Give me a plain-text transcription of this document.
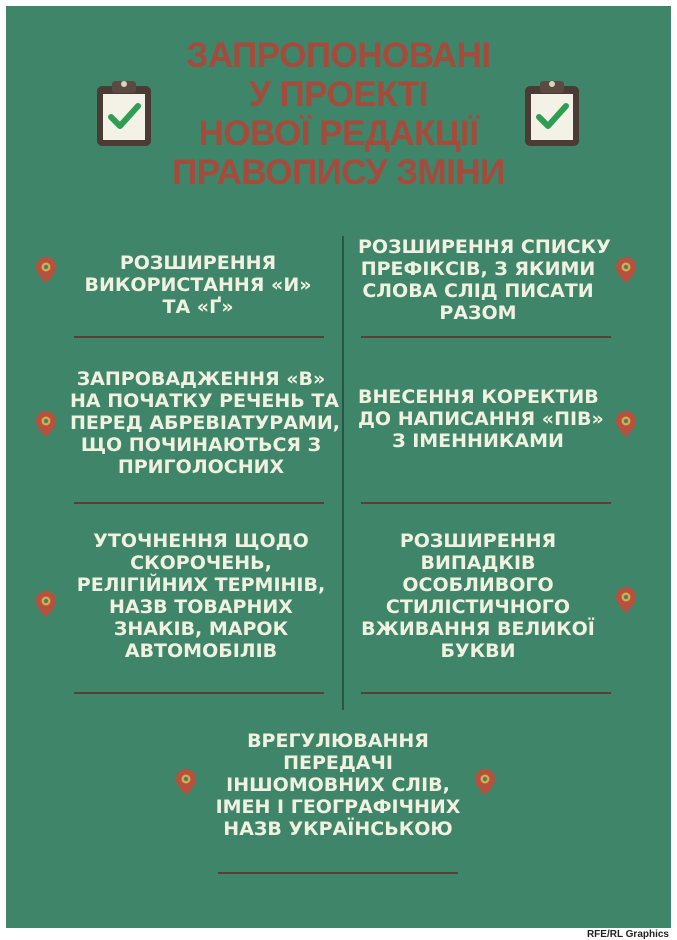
ЗАПРОПОНОВАНІ
У ПРОЕКТІ
НОВОЇ РЕДАКЦІЇ
ПРАВОПИСУ ЗМІНИ
РОЗШИРЕННЯ
ВИКОРИСТАННЯ «И»
ТА «Ґ»
РОЗШИРЕННЯ СПИСКУ
ПРЕФІКСІВ, З ЯКИМИ
СЛОВА СЛІД ПИСАТИ
РАЗОМ
ЗАПРОВАДЖЕННЯ «В»
НА ПОЧАТКУ РЕЧЕНЬ ТА
ПЕРЕД АБРЕВІАТУРАМИ,
ЩО ПОЧИНАЮТЬСЯ З
ПРИГОЛОСНИХ
ВНЕСЕННЯ КОРЕКТИВ
ДО НАПИСАННЯ «ПІВ»
З ІМЕННИКАМИ
УТОЧНЕННЯ ЩОДО
СКОРОЧЕНЬ,
РЕЛІГІЙНИХ ТЕРМІНІВ,
НАЗВ ТОВАРНИХ
ЗНАКІВ, МАРОК
АВТОМОБІЛІВ
РОЗШИРЕННЯ
ВИПАДКІВ
ОСОБЛИВОГО
СТИЛІСТИЧНОГО
ВЖИВАННЯ ВЕЛИКОЇ
БУКВИ
ВРЕГУЛЮВАННЯ
ПЕРЕДАЧІ
ІНШОМОВНИХ СЛІВ,
ІМЕН І ГЕОГРАФІЧНИХ
НАЗВ УКРАЇНСЬКОЮ
RFE/RL Graphics
